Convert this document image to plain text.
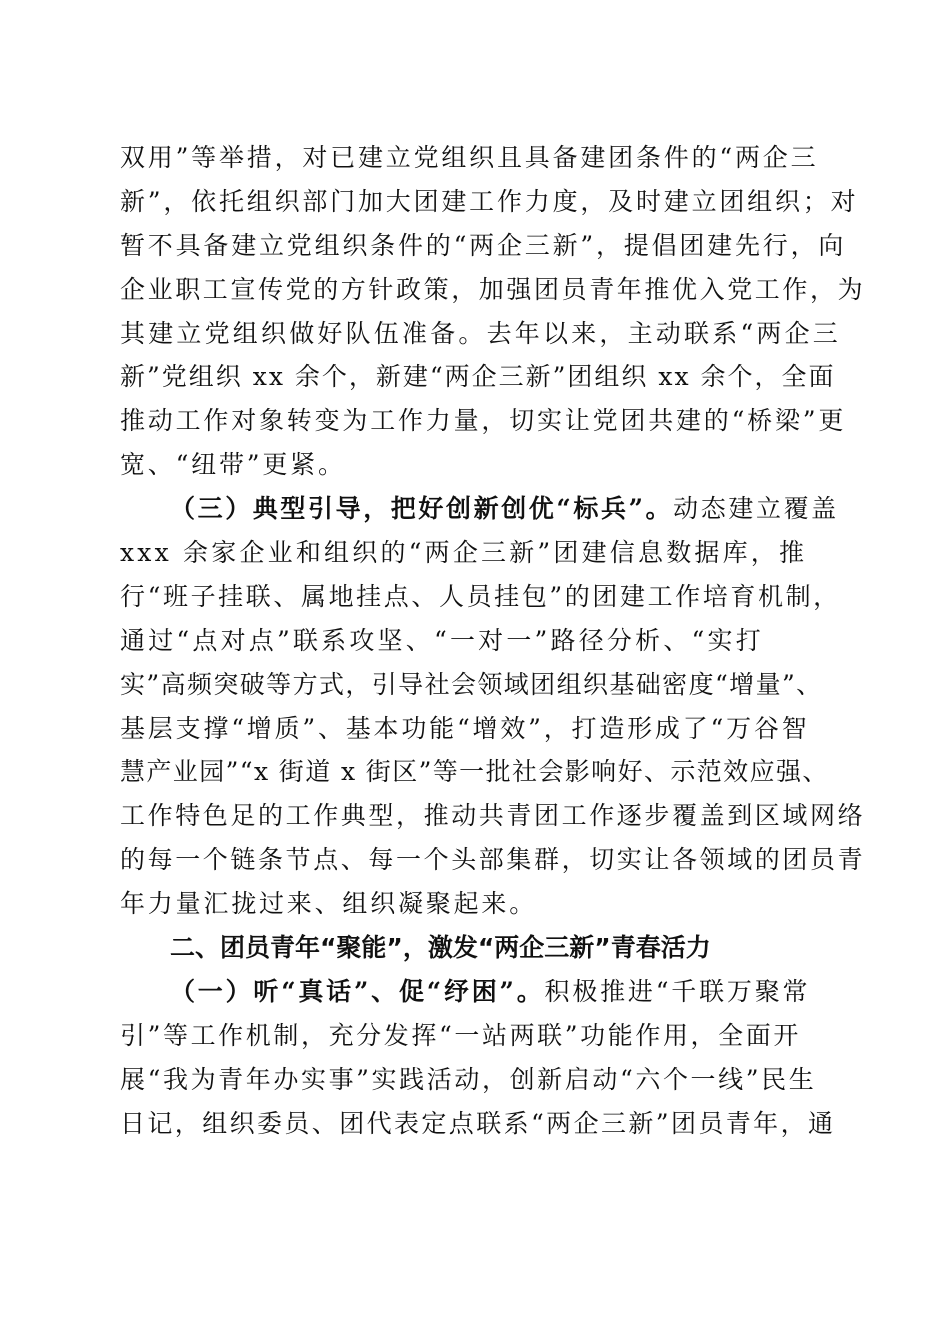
双用”等举措，对已建立党组织且具备建团条件的“两企三
新”，依托组织部门加大团建工作力度，及时建立团组织；对
暂不具备建立党组织条件的“两企三新”，提倡团建先行，向
企业职工宣传党的方针政策，加强团员青年推优入党工作，为
其建立党组织做好队伍准备。去年以来，主动联系“两企三
新”党组织 xx 余个，新建“两企三新”团组织 xx 余个，全面
推动工作对象转变为工作力量，切实让党团共建的“桥梁”更
宽、“纽带”更紧。
（三）典型引导，把好创新创优“标兵”。动态建立覆盖
xxx 余家企业和组织的“两企三新”团建信息数据库，推
行“班子挂联、属地挂点、人员挂包”的团建工作培育机制，
通过“点对点”联系攻坚、“一对一”路径分析、“实打
实”高频突破等方式，引导社会领域团组织基础密度“增量”、
基层支撑“增质”、基本功能“增效”，打造形成了“万谷智
慧产业园”“x 街道 x 街区”等一批社会影响好、示范效应强、
工作特色足的工作典型，推动共青团工作逐步覆盖到区域网络
的每一个链条节点、每一个头部集群，切实让各领域的团员青
年力量汇拢过来、组织凝聚起来。
二、团员青年“聚能”，激发“两企三新”青春活力
（一）听“真话”、促“纾困”。积极推进“千联万聚常
引”等工作机制，充分发挥“一站两联”功能作用，全面开
展“我为青年办实事”实践活动，创新启动“六个一线”民生
日记，组织委员、团代表定点联系“两企三新”团员青年，通
